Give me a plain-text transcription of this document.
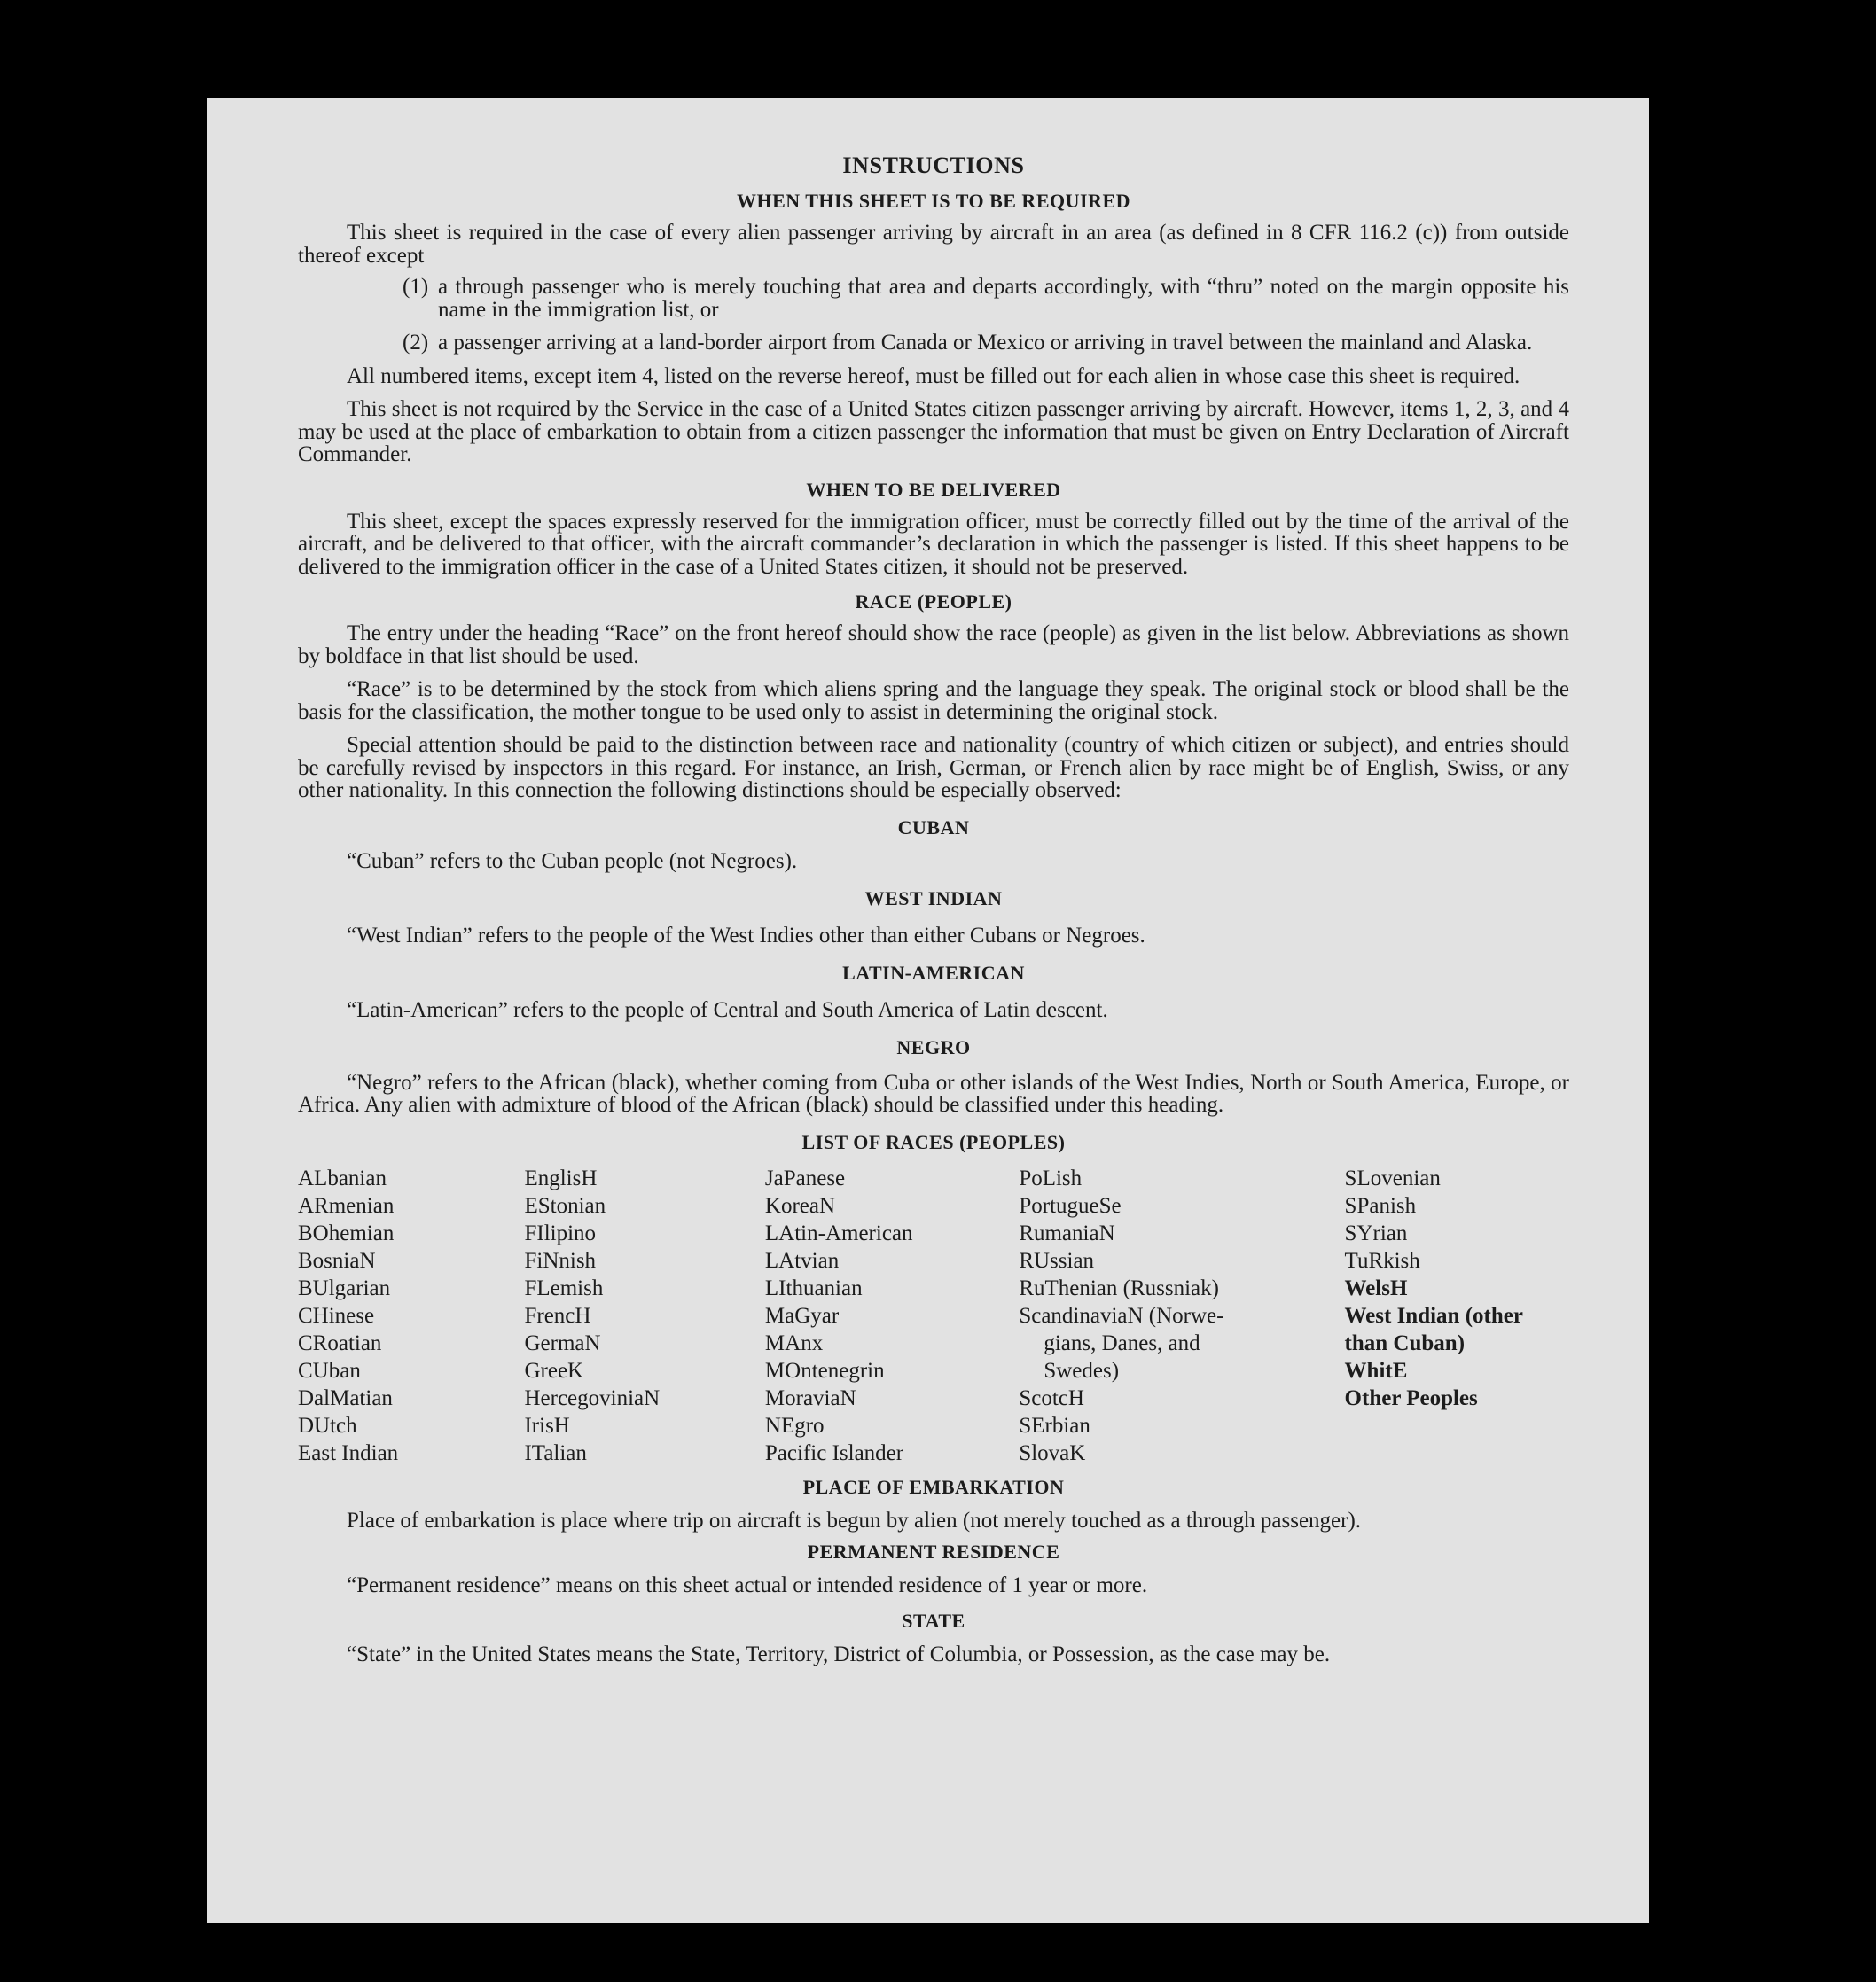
INSTRUCTIONS
WHEN THIS SHEET IS TO BE REQUIRED

This sheet is required in the case of every alien passenger arriving by aircraft in an area (as defined in 8 CFR 116.2 (c)) from outside thereof except

(1) a through passenger who is merely touching that area and departs accordingly, with “thru” noted on the margin opposite his name in the immigration list, or
(2) a passenger arriving at a land-border airport from Canada or Mexico or arriving in travel between the mainland and Alaska.

All numbered items, except item 4, listed on the reverse hereof, must be filled out for each alien in whose case this sheet is required.

This sheet is not required by the Service in the case of a United States citizen passenger arriving by aircraft. However, items 1, 2, 3, and 4 may be used at the place of embarkation to obtain from a citizen passenger the information that must be given on Entry Declaration of Aircraft Commander.

WHEN TO BE DELIVERED

This sheet, except the spaces expressly reserved for the immigration officer, must be correctly filled out by the time of the arrival of the aircraft, and be delivered to that officer, with the aircraft commander’s declaration in which the passenger is listed. If this sheet happens to be delivered to the immigration officer in the case of a United States citizen, it should not be preserved.

RACE (PEOPLE)

The entry under the heading “Race” on the front hereof should show the race (people) as given in the list below. Abbreviations as shown by boldface in that list should be used.

“Race” is to be determined by the stock from which aliens spring and the language they speak. The original stock or blood shall be the basis for the classification, the mother tongue to be used only to assist in determining the original stock.

Special attention should be paid to the distinction between race and nationality (country of which citizen or subject), and entries should be carefully revised by inspectors in this regard. For instance, an Irish, German, or French alien by race might be of English, Swiss, or any other nationality. In this connection the following distinctions should be especially observed:

CUBAN
“Cuban” refers to the Cuban people (not Negroes).
WEST INDIAN
“West Indian” refers to the people of the West Indies other than either Cubans or Negroes.
LATIN-AMERICAN
“Latin-American” refers to the people of Central and South America of Latin descent.
NEGRO

“Negro” refers to the African (black), whether coming from Cuba or other islands of the West Indies, North or South America, Europe, or Africa. Any alien with admixture of blood of the African (black) should be classified under this heading.

LIST OF RACES (PEOPLES)
ALbanian
ARmenian
BOhemian
BosniaN
BUlgarian
CHinese
CRoatian
CUban
DalMatian
DUtch
East Indian
EnglisH
EStonian
FIlipino
FiNnish
FLemish
FrencH
GermaN
GreeK
HercegoviniaN
IrisH
ITalian
JaPanese
KoreaN
LAtin-American
LAtvian
LIthuanian
MaGyar
MAnx
MOntenegrin
MoraviaN
NEgro
Pacific Islander
PoLish
PortugueSe
RumaniaN
RUssian
RuThenian (Russniak)
ScandinaviaN (Norwe-
gians, Danes, and
Swedes)
ScotcH
SErbian
SlovaK
SLovenian
SPanish
SYrian
TuRkish
WelsH
West Indian (other
than Cuban)
WhitE
Other Peoples
PLACE OF EMBARKATION

Place of embarkation is place where trip on aircraft is begun by alien (not merely touched as a through passenger).

PERMANENT RESIDENCE
“Permanent residence” means on this sheet actual or intended residence of 1 year or more.
STATE

“State” in the United States means the State, Territory, District of Columbia, or Possession, as the case may be.
